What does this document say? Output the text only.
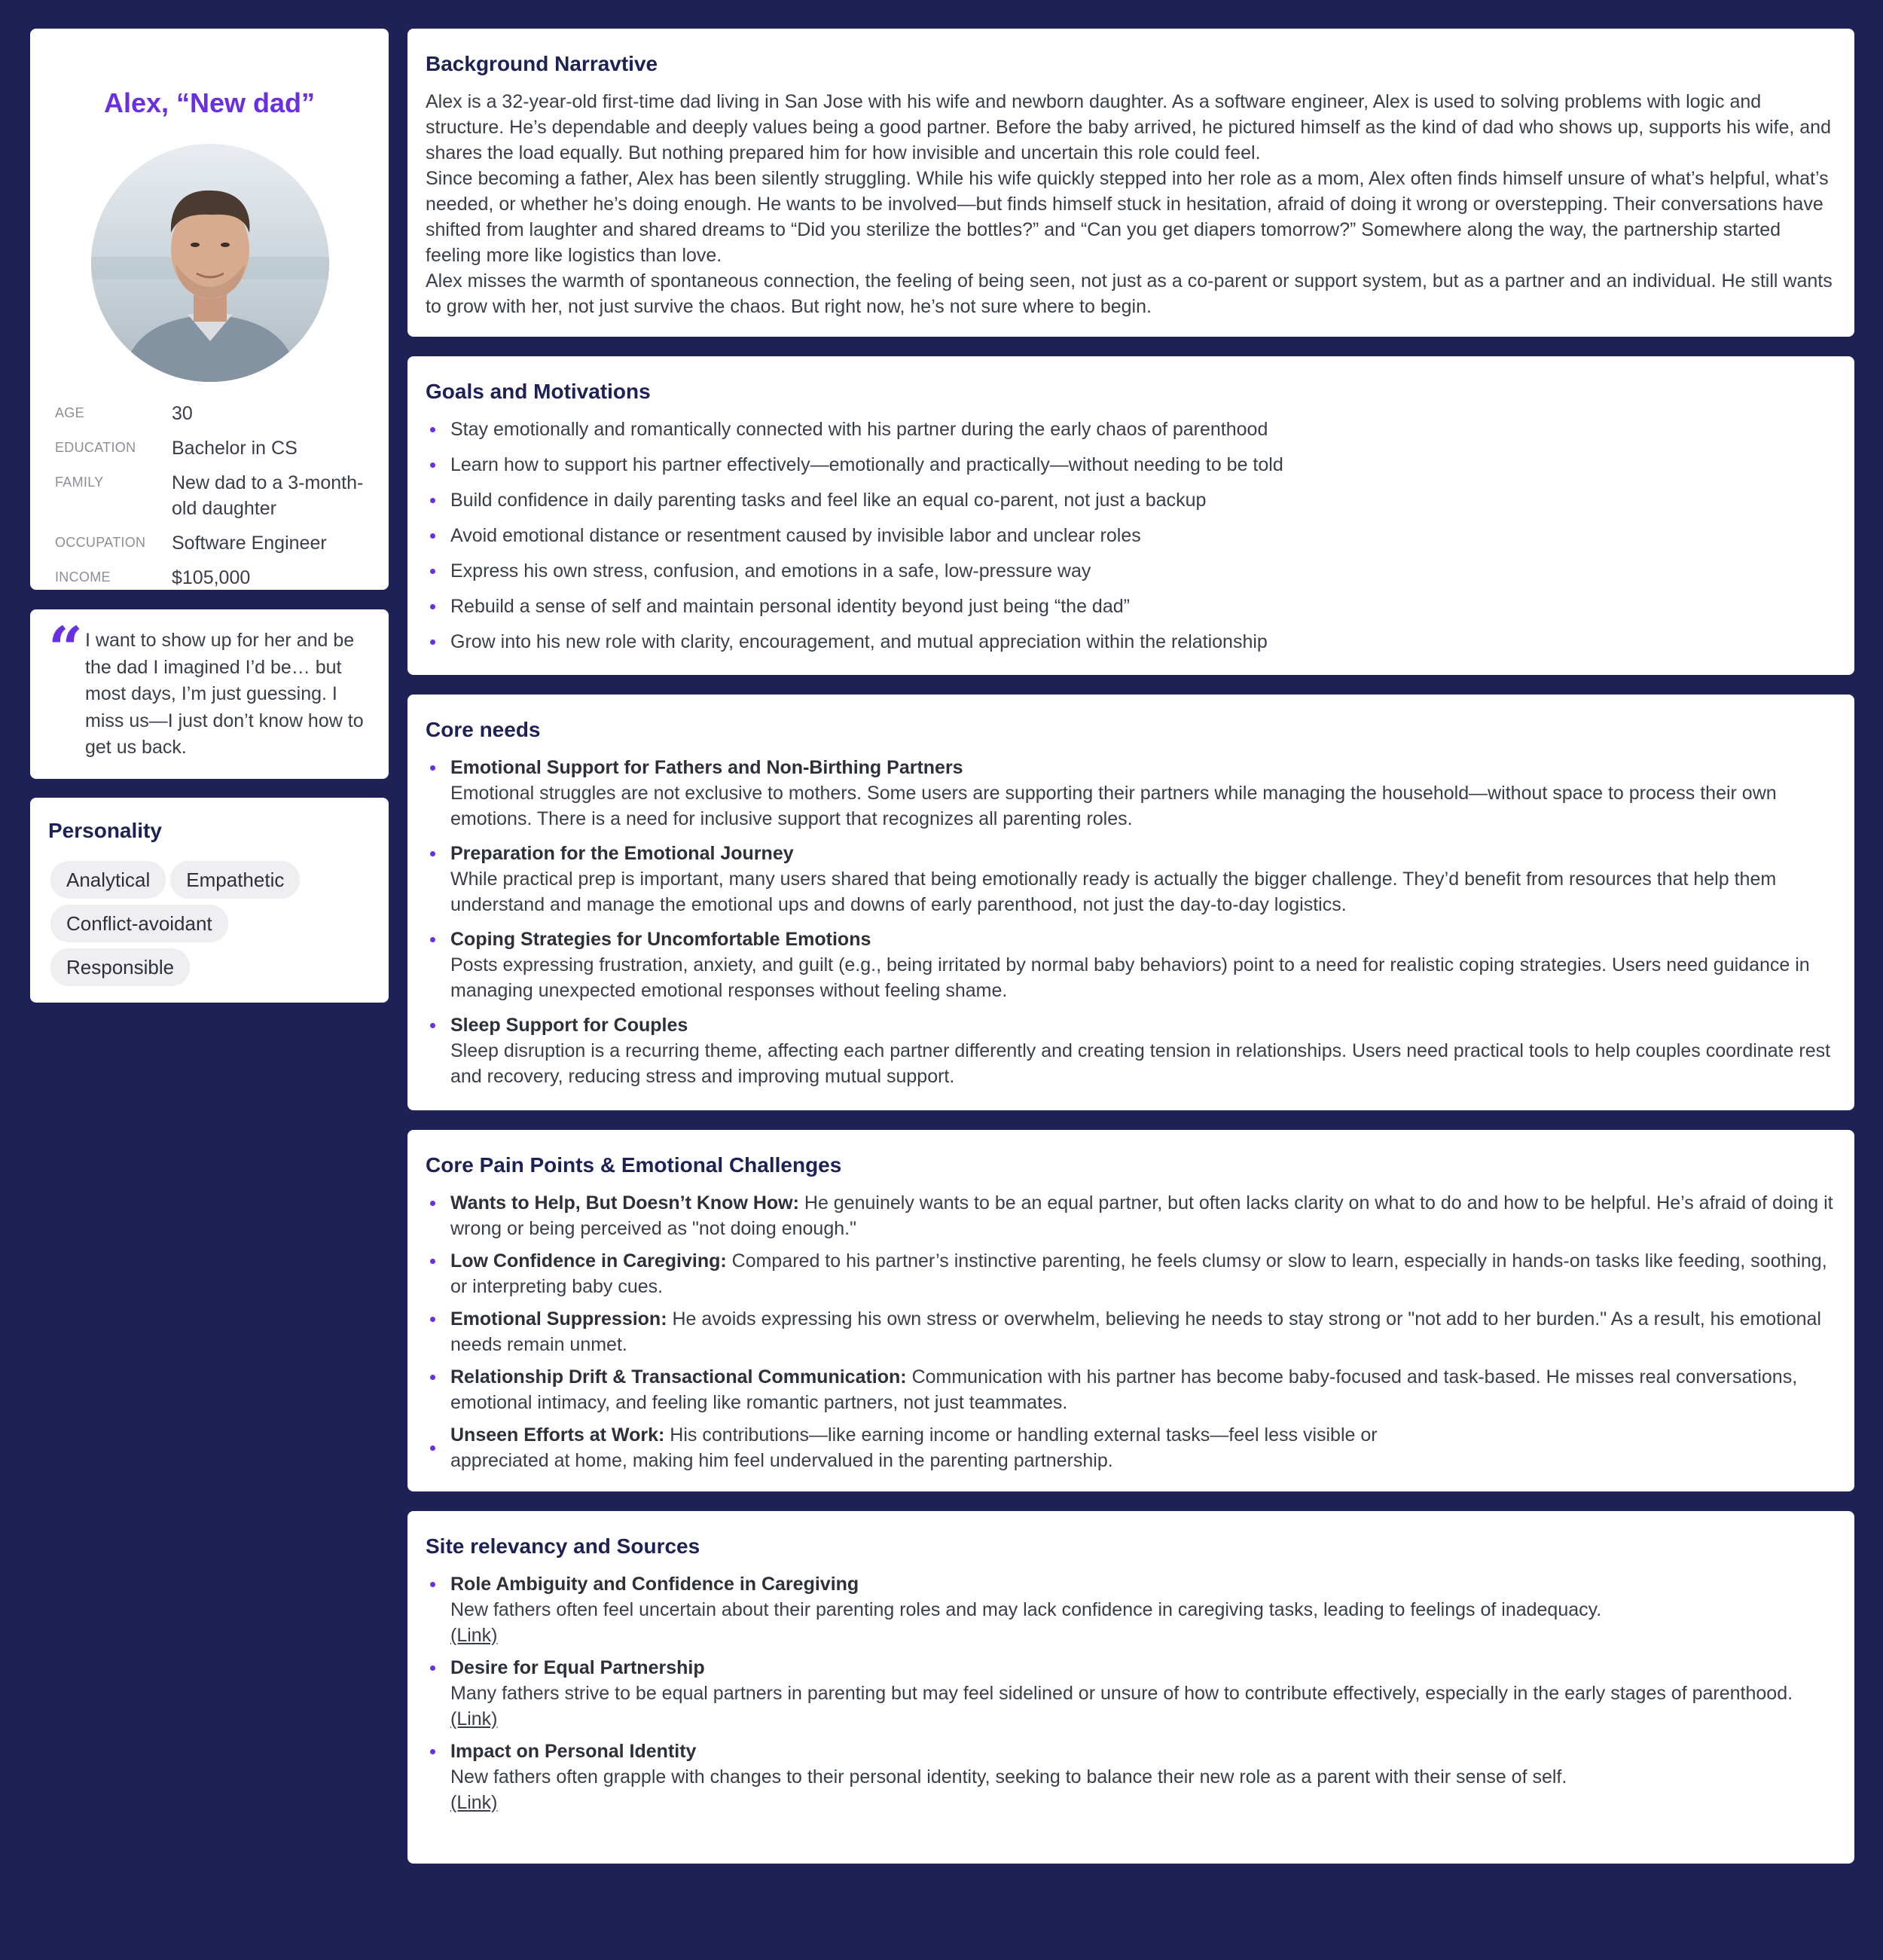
Alex, “New dad”
AGE	30
EDUCATION	Bachelor in CS
FAMILY	New dad to a 3-month-old daughter
OCCUPATION	Software Engineer
INCOME	$105,000
“ I want to show up for her and be the dad I imagined I’d be… but most days, I’m just guessing. I miss us—I just don’t know how to get us back.
Personality
Analytical Empathetic
Conflict-avoidant
Responsible
Background Narravtive

Alex is a 32-year-old first-time dad living in San Jose with his wife and newborn daughter. As a software engineer, Alex is used to solving problems with logic and structure. He’s dependable and deeply values being a good partner. Before the baby arrived, he pictured himself as the kind of dad who shows up, supports his wife, and shares the load equally. But nothing prepared him for how invisible and uncertain this role could feel.

Since becoming a father, Alex has been silently struggling. While his wife quickly stepped into her role as a mom, Alex often finds himself unsure of what’s helpful, what’s needed, or whether he’s doing enough. He wants to be involved—but finds himself stuck in hesitation, afraid of doing it wrong or overstepping. Their conversations have shifted from laughter and shared dreams to “Did you sterilize the bottles?” and “Can you get diapers tomorrow?” Somewhere along the way, the partnership started feeling more like logistics than love.

Alex misses the warmth of spontaneous connection, the feeling of being seen, not just as a co-parent or support system, but as a partner and an individual. He still wants to grow with her, not just survive the chaos. But right now, he’s not sure where to begin.

Goals and Motivations
Stay emotionally and romantically connected with his partner during the early chaos of parenthood
Learn how to support his partner effectively—emotionally and practically—without needing to be told
Build confidence in daily parenting tasks and feel like an equal co-parent, not just a backup
Avoid emotional distance or resentment caused by invisible labor and unclear roles
Express his own stress, confusion, and emotions in a safe, low-pressure way
Rebuild a sense of self and maintain personal identity beyond just being “the dad”
Grow into his new role with clarity, encouragement, and mutual appreciation within the relationship
Core needs
Emotional Support for Fathers and Non-Birthing Partners
Emotional struggles are not exclusive to mothers. Some users are supporting their partners while managing the household—without space to process their own emotions. There is a need for inclusive support that recognizes all parenting roles.
Preparation for the Emotional Journey
While practical prep is important, many users shared that being emotionally ready is actually the bigger challenge. They’d benefit from resources that help them understand and manage the emotional ups and downs of early parenthood, not just the day-to-day logistics.
Coping Strategies for Uncomfortable Emotions
Posts expressing frustration, anxiety, and guilt (e.g., being irritated by normal baby behaviors) point to a need for realistic coping strategies. Users need guidance in managing unexpected emotional responses without feeling shame.
Sleep Support for Couples
Sleep disruption is a recurring theme, affecting each partner differently and creating tension in relationships. Users need practical tools to help couples coordinate rest and recovery, reducing stress and improving mutual support.
Core Pain Points & Emotional Challenges
Wants to Help, But Doesn’t Know How: He genuinely wants to be an equal partner, but often lacks clarity on what to do and how to be helpful. He’s afraid of doing it wrong or being perceived as "not doing enough."
Low Confidence in Caregiving: Compared to his partner’s instinctive parenting, he feels clumsy or slow to learn, especially in hands-on tasks like feeding, soothing, or interpreting baby cues.
Emotional Suppression: He avoids expressing his own stress or overwhelm, believing he needs to stay strong or "not add to her burden." As a result, his emotional needs remain unmet.
Relationship Drift & Transactional Communication: Communication with his partner has become baby-focused and task-based. He misses real conversations, emotional intimacy, and feeling like romantic partners, not just teammates.
Unseen Efforts at Work: His contributions—like earning income or handling external tasks—feel less visible or
appreciated at home, making him feel undervalued in the parenting partnership.
Site relevancy and Sources
Role Ambiguity and Confidence in Caregiving
New fathers often feel uncertain about their parenting roles and may lack confidence in caregiving tasks, leading to feelings of inadequacy.
(Link)
Desire for Equal Partnership
Many fathers strive to be equal partners in parenting but may feel sidelined or unsure of how to contribute effectively, especially in the early stages of parenthood.
(Link)
Impact on Personal Identity
New fathers often grapple with changes to their personal identity, seeking to balance their new role as a parent with their sense of self.
(Link)
